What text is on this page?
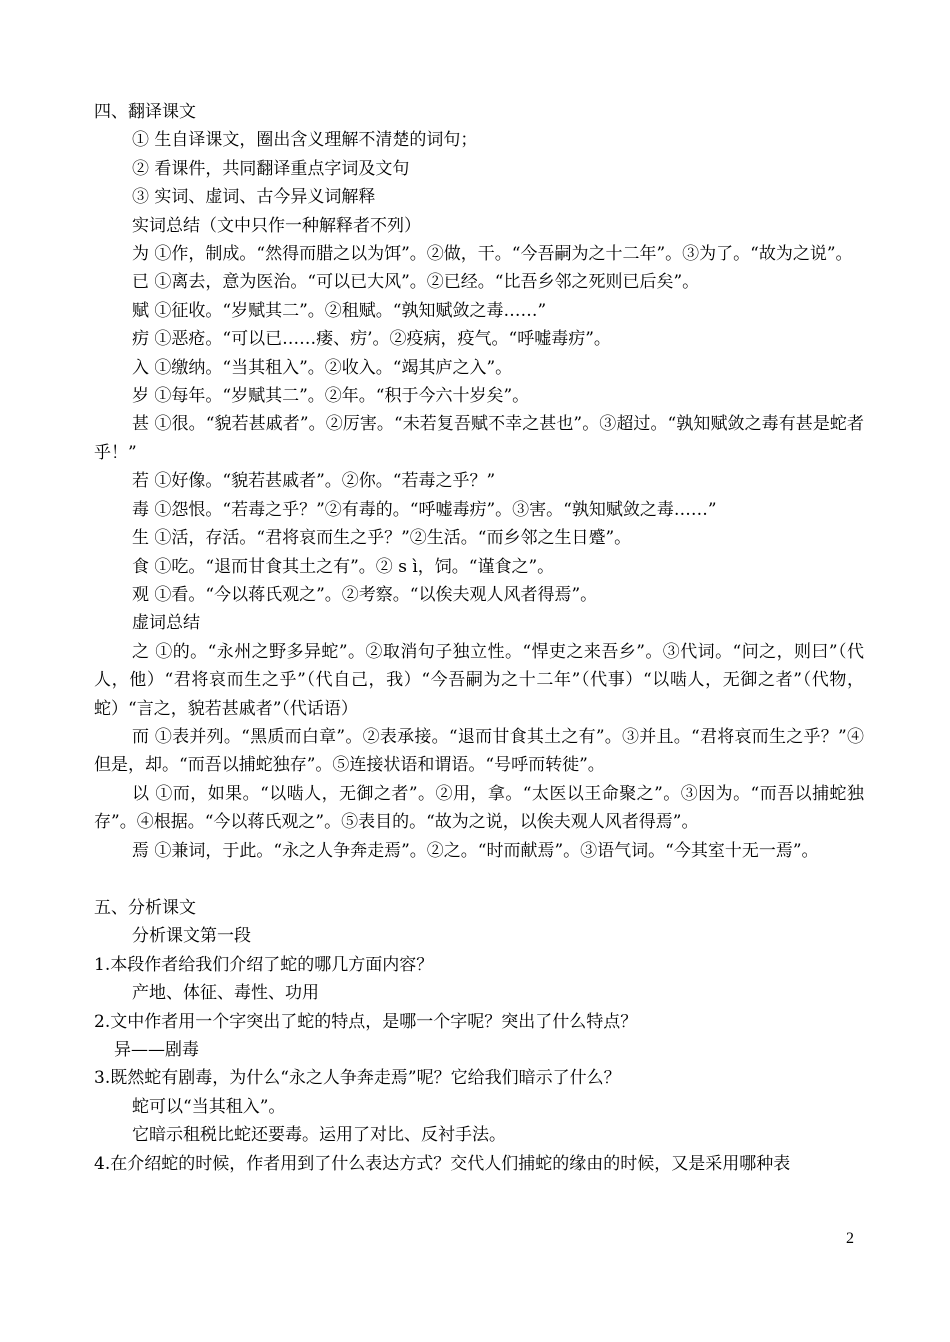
四、翻译课文

① 生自译课文，圈出含义理解不清楚的词句；

② 看课件，共同翻译重点字词及文句

③ 实词、虚词、古今异义词解释

实词总结（文中只作一种解释者不列）

为 ①作，制成。“然得而腊之以为饵”。②做，干。“今吾嗣为之十二年”。③为了。“故为之说”。

已 ①离去，意为医治。“可以已大风”。②已经。“比吾乡邻之死则已后矣”。

赋 ①征收。“岁赋其二”。②租赋。“孰知赋敛之毒……”

疠 ①恶疮。“可以已……瘘、疠’。②疫病，疫气。“呼嘘毒疠”。

入 ①缴纳。“当其租入”。②收入。“竭其庐之入”。

岁 ①每年。“岁赋其二”。②年。“积于今六十岁矣”。

甚 ①很。“貌若甚戚者”。②厉害。“未若复吾赋不幸之甚也”。③超过。“孰知赋敛之毒有甚是蛇者乎！”

若 ①好像。“貌若甚戚者”。②你。“若毒之乎？”

毒 ①怨恨。“若毒之乎？”②有毒的。“呼嘘毒疠”。③害。“孰知赋敛之毒……”

生 ①活，存活。“君将哀而生之乎？”②生活。“而乡邻之生日蹙”。

食 ①吃。“退而甘食其土之有”。② s ì，饲。“谨食之”。

观 ①看。“今以蒋氏观之”。②考察。“以俟夫观人风者得焉”。

虚词总结

之 ①的。“永州之野多异蛇”。②取消句子独立性。“悍吏之来吾乡”。③代词。“问之，则曰”（代人，他）“君将哀而生之乎”（代自己，我）“今吾嗣为之十二年”（代事）“以啮人，无御之者”（代物，蛇）“言之，貌若甚戚者”（代话语）

而 ①表并列。“黑质而白章”。②表承接。“退而甘食其土之有”。③并且。“君将哀而生之乎？”④但是，却。“而吾以捕蛇独存”。⑤连接状语和谓语。“号呼而转徙”。

以 ①而，如果。“以啮人，无御之者”。②用，拿。“太医以王命聚之”。③因为。“而吾以捕蛇独存”。④根据。“今以蒋氏观之”。⑤表目的。“故为之说，以俟夫观人风者得焉”。

焉 ①兼词，于此。“永之人争奔走焉”。②之。“时而献焉”。③语气词。“今其室十无一焉”。

五、分析课文

分析课文第一段

1.本段作者给我们介绍了蛇的哪几方面内容？

产地、体征、毒性、功用

2.文中作者用一个字突出了蛇的特点，是哪一个字呢？突出了什么特点？

异——剧毒

3.既然蛇有剧毒，为什么“永之人争奔走焉”呢？它给我们暗示了什么？

蛇可以“当其租入”。

它暗示租税比蛇还要毒。运用了对比、反衬手法。

4.在介绍蛇的时候，作者用到了什么表达方式？交代人们捕蛇的缘由的时候，又是采用哪种表

2
